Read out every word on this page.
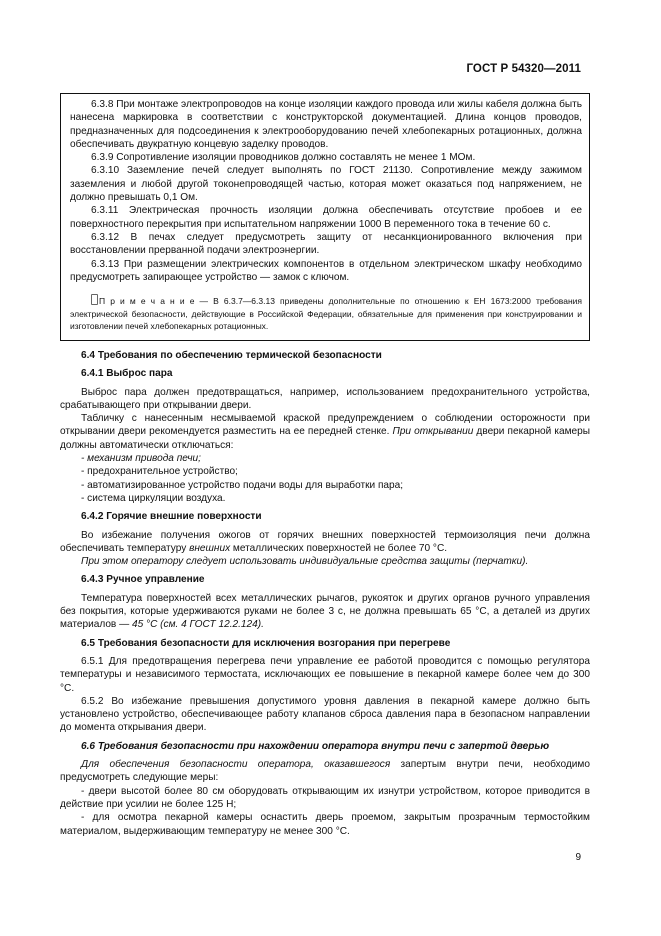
ГОСТ Р 54320—2011

6.3.8 При монтаже электропроводов на конце изоляции каждого провода или жилы кабеля должна быть нанесена маркировка в соответствии с конструкторской документацией. Длина концов проводов, предназначенных для подсоединения к электрооборудованию печей хлебопекарных ротационных, должна обеспечивать двукратную концевую заделку проводов.

6.3.9 Сопротивление изоляции проводников должно составлять не менее 1 МОм.

6.3.10 Заземление печей следует выполнять по ГОСТ 21130. Сопротивление между зажимом заземления и любой другой токонепроводящей частью, которая может оказаться под напряжением, не должно превышать 0,1 Ом.

6.3.11 Электрическая прочность изоляции должна обеспечивать отсутствие пробоев и ее поверхностного перекрытия при испытательном напряжении 1000 В переменного тока в течение 60 с.

6.3.12 В печах следует предусмотреть защиту от несанкционированного включения при восстановлении прерванной подачи электроэнергии.

6.3.13 При размещении электрических компонентов в отдельном электрическом шкафу необходимо предусмотреть запирающее устройство — замок с ключом.

П р и м е ч а н и е — В 6.3.7—6.3.13 приведены дополнительные по отношению к ЕН 1673:2000 требования электрической безопасности, действующие в Российской Федерации, обязательные для применения при конструировании и изготовлении печей хлебопекарных ротационных.

6.4 Требования по обеспечению термической безопасности

6.4.1 Выброс пара

Выброс пара должен предотвращаться, например, использованием предохранительного устройства, срабатывающего при открывании двери.

Табличку с нанесенным несмываемой краской предупреждением о соблюдении осторожности при открывании двери рекомендуется разместить на ее передней стенке. При открывании двери пекарной камеры должны автоматически отключаться:

- механизм привода печи;

- предохранительное устройство;

- автоматизированное устройство подачи воды для выработки пара;

- система циркуляции воздуха.

6.4.2 Горячие внешние поверхности

Во избежание получения ожогов от горячих внешних поверхностей термоизоляция печи должна обеспечивать температуру внешних металлических поверхностей не более 70 °С.

При этом оператору следует использовать индивидуальные средства защиты (перчатки).

6.4.3 Ручное управление

Температура поверхностей всех металлических рычагов, рукояток и других органов ручного управления без покрытия, которые удерживаются руками не более 3 с, не должна превышать 65 °С, а деталей из других материалов — 45 °С (см. 4 ГОСТ 12.2.124).

6.5 Требования безопасности для исключения возгорания при перегреве

6.5.1 Для предотвращения перегрева печи управление ее работой проводится с помощью регулятора температуры и независимого термостата, исключающих ее повышение в пекарной камере более чем до 300 °С.

6.5.2 Во избежание превышения допустимого уровня давления в пекарной камере должно быть установлено устройство, обеспечивающее работу клапанов сброса давления пара в безопасном направлении до момента открывания двери.

6.6 Требования безопасности при нахождении оператора внутри печи с запертой дверью

Для обеспечения безопасности оператора, оказавшегося запертым внутри печи, необходимо предусмотреть следующие меры:

- двери высотой более 80 см оборудовать открывающим их изнутри устройством, которое приводится в действие при усилии не более 125 Н;

- для осмотра пекарной камеры оснастить дверь проемом, закрытым прозрачным термостойким материалом, выдерживающим температуру не менее 300 °С.

9
